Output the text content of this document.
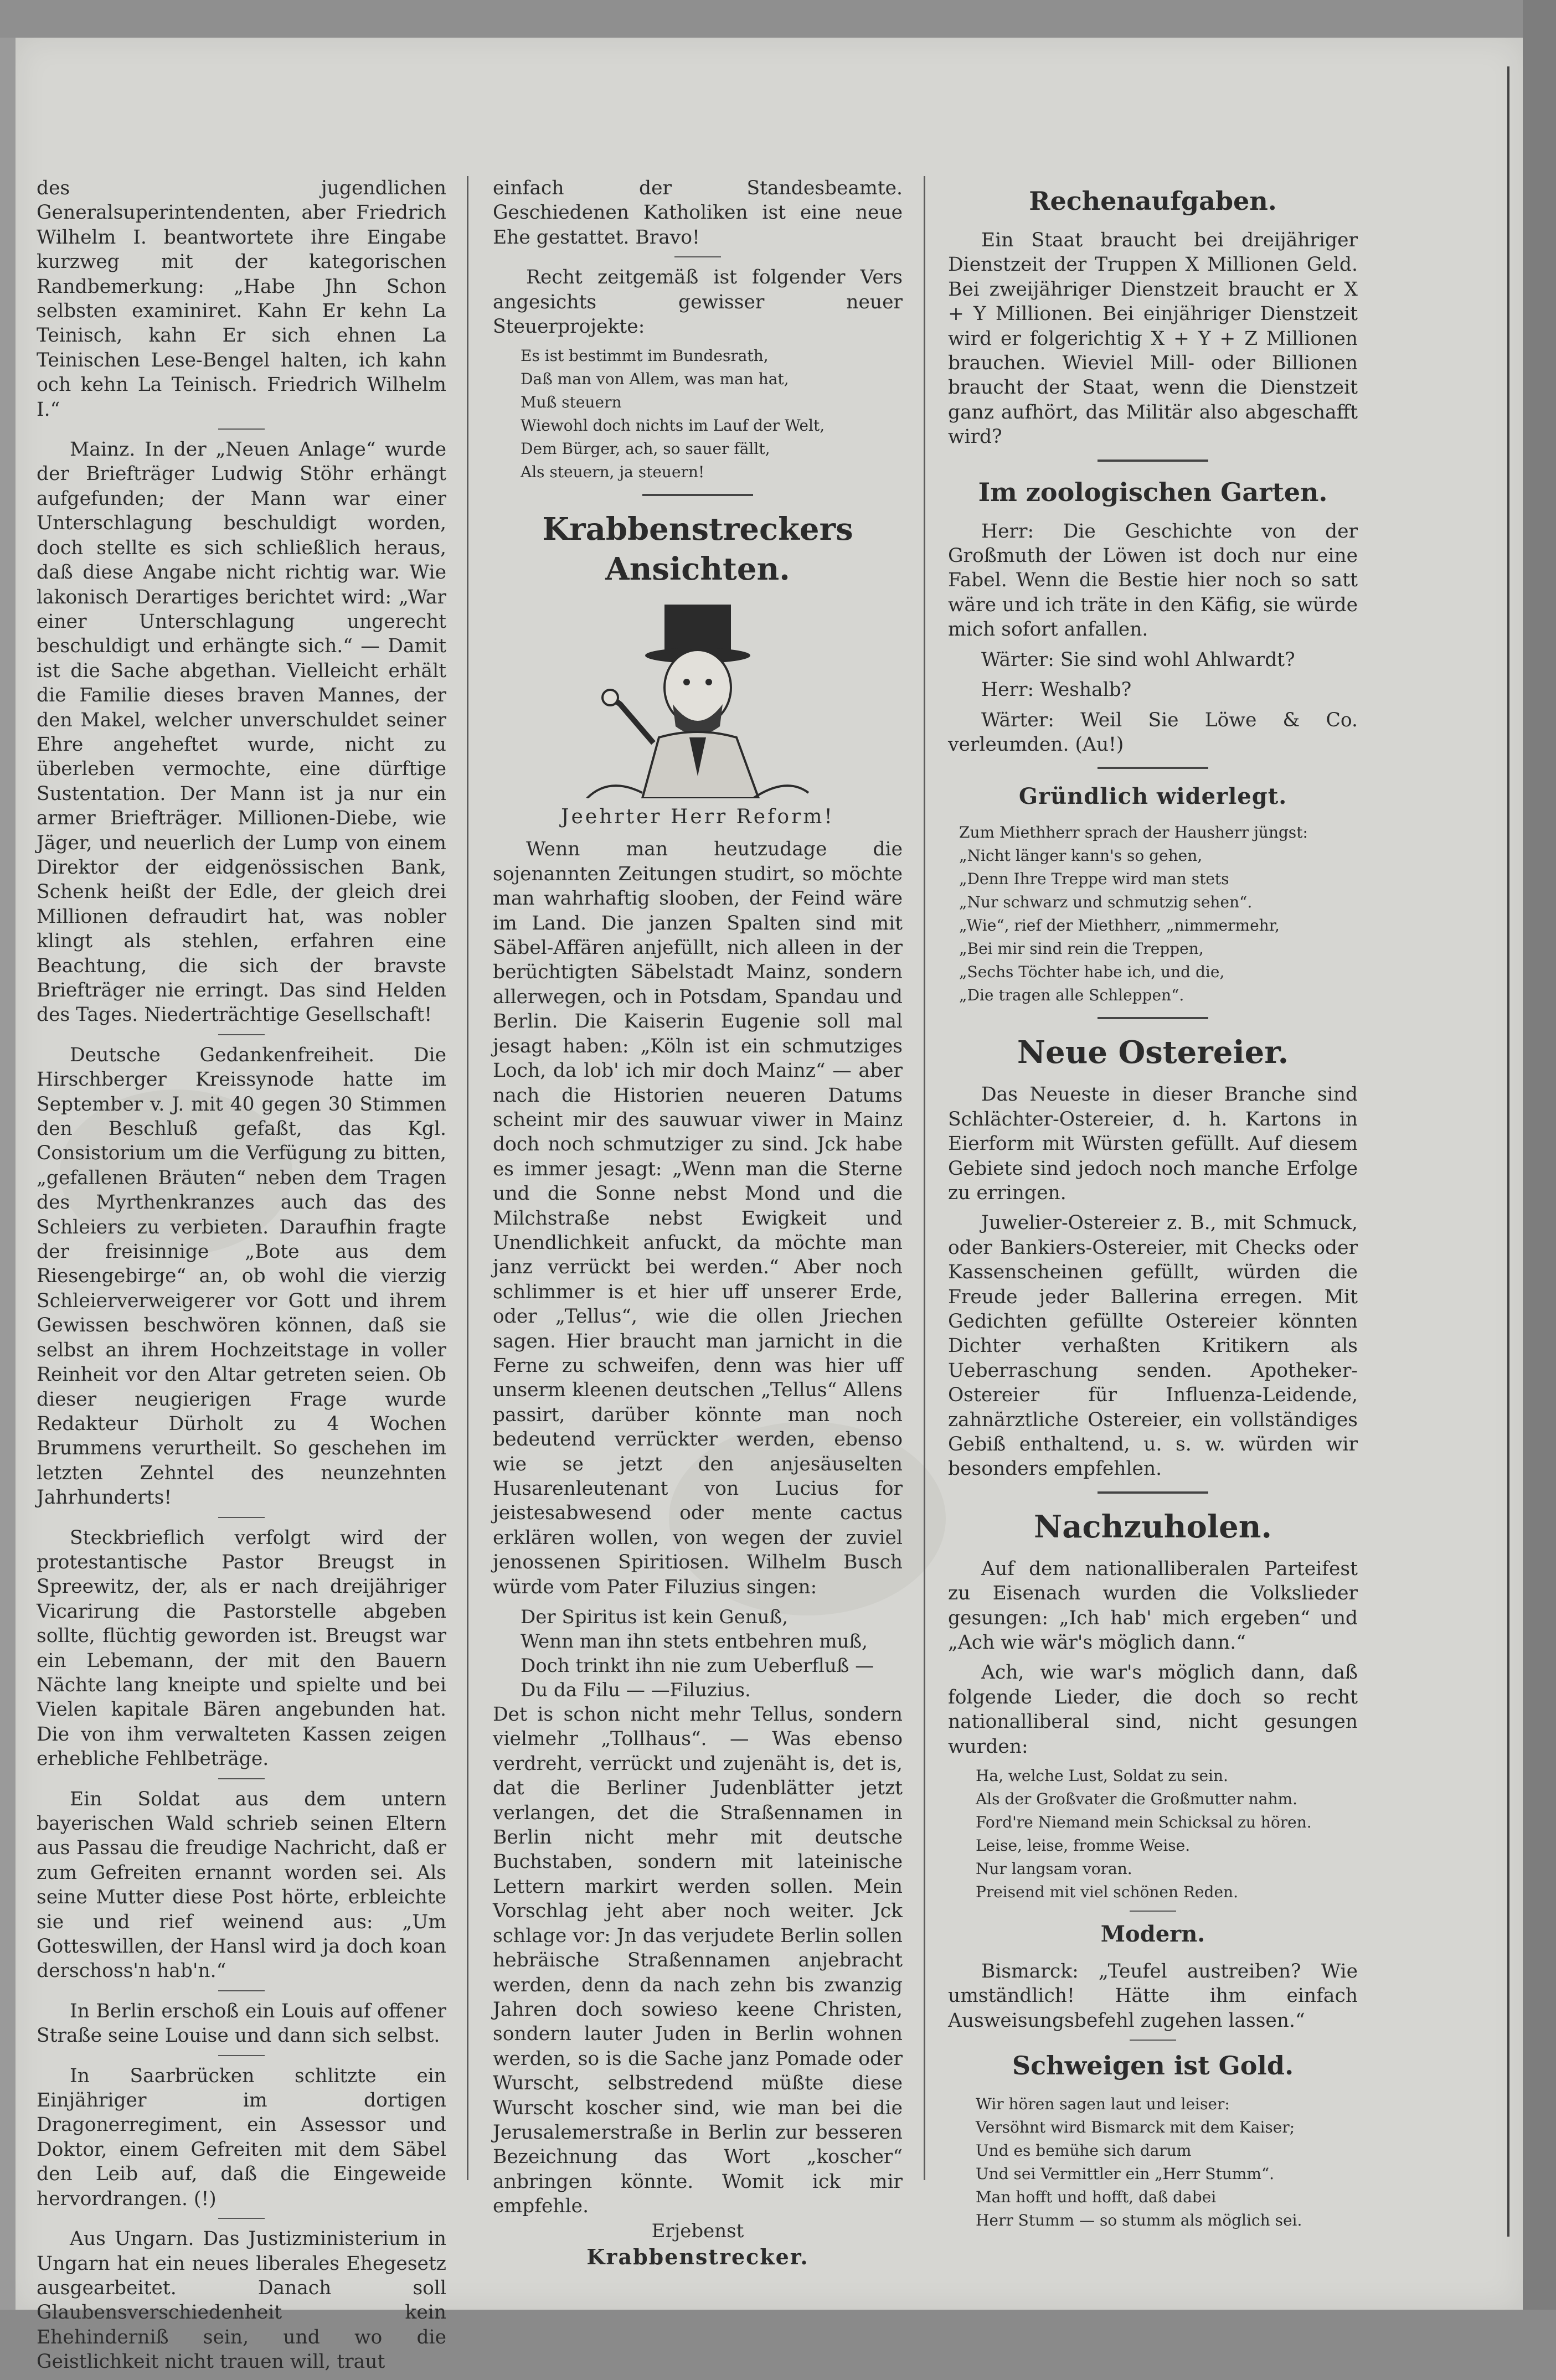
des jugendlichen Generalsuperintendenten, aber Friedrich Wilhelm I. beantwortete ihre Eingabe kurzweg mit der kategorischen Randbemerkung: „Habe Jhn Schon selbsten examiniret. Kahn Er kehn La Teinisch, kahn Er sich ehnen La Teinischen Lese-Bengel halten, ich kahn och kehn La Teinisch. Friedrich Wilhelm I.“

Mainz. In der „Neuen Anlage“ wurde der Briefträger Ludwig Stöhr erhängt aufgefunden; der Mann war einer Unterschlagung beschuldigt worden, doch stellte es sich schließlich heraus, daß diese Angabe nicht richtig war. Wie lakonisch Derartiges berichtet wird: „War einer Unterschlagung ungerecht beschuldigt und erhängte sich.“ — Damit ist die Sache abgethan. Vielleicht erhält die Familie dieses braven Mannes, der den Makel, welcher unverschuldet seiner Ehre angeheftet wurde, nicht zu überleben vermochte, eine dürftige Sustentation. Der Mann ist ja nur ein armer Briefträger. Millionen-Diebe, wie Jäger, und neuerlich der Lump von einem Direktor der eidgenössischen Bank, Schenk heißt der Edle, der gleich drei Millionen defraudirt hat, was nobler klingt als stehlen, erfahren eine Beachtung, die sich der bravste Briefträger nie erringt. Das sind Helden des Tages. Niederträchtige Gesellschaft!

Deutsche Gedankenfreiheit. Die Hirschberger Kreissynode hatte im September v. J. mit 40 gegen 30 Stimmen den Beschluß gefaßt, das Kgl. Consistorium um die Verfügung zu bitten, „gefallenen Bräuten“ neben dem Tragen des Myrthenkranzes auch das des Schleiers zu verbieten. Daraufhin fragte der freisinnige „Bote aus dem Riesengebirge“ an, ob wohl die vierzig Schleierverweigerer vor Gott und ihrem Gewissen beschwören können, daß sie selbst an ihrem Hochzeitstage in voller Reinheit vor den Altar getreten seien. Ob dieser neugierigen Frage wurde Redakteur Dürholt zu 4 Wochen Brummens verurtheilt. So geschehen im letzten Zehntel des neunzehnten Jahrhunderts!

Steckbrieflich verfolgt wird der protestantische Pastor Breugst in Spreewitz, der, als er nach dreijähriger Vicarirung die Pastorstelle abgeben sollte, flüchtig geworden ist. Breugst war ein Lebemann, der mit den Bauern Nächte lang kneipte und spielte und bei Vielen kapitale Bären angebunden hat. Die von ihm verwalteten Kassen zeigen erhebliche Fehlbeträge.

Ein Soldat aus dem untern bayerischen Wald schrieb seinen Eltern aus Passau die freudige Nachricht, daß er zum Gefreiten ernannt worden sei. Als seine Mutter diese Post hörte, erbleichte sie und rief weinend aus: „Um Gotteswillen, der Hansl wird ja doch koan derschoss'n hab'n.“

In Berlin erschoß ein Louis auf offener Straße seine Louise und dann sich selbst.

In Saarbrücken schlitzte ein Einjähriger im dortigen Dragonerregiment, ein Assessor und Doktor, einem Gefreiten mit dem Säbel den Leib auf, daß die Eingeweide hervordrangen. (!)

Aus Ungarn. Das Justizministerium in Ungarn hat ein neues liberales Ehegesetz ausgearbeitet. Danach soll Glaubensverschiedenheit kein Ehehinderniß sein, und wo die Geistlichkeit nicht trauen will, traut

einfach der Standesbeamte. Geschiedenen Katholiken ist eine neue Ehe gestattet. Bravo!

Recht zeitgemäß ist folgender Vers angesichts gewisser neuer Steuerprojekte:

Es ist bestimmt im Bundesrath,
Daß man von Allem, was man hat,
Muß steuern
Wiewohl doch nichts im Lauf der Welt,
Dem Bürger, ach, so sauer fällt,
Als steuern, ja steuern!
Krabbenstreckers Ansichten.
Jeehrter Herr Reform!

Wenn man heutzudage die sojenannten Zeitungen studirt, so möchte man wahrhaftig slooben, der Feind wäre im Land. Die janzen Spalten sind mit Säbel-Affären anjefüllt, nich alleen in der berüchtigten Säbelstadt Mainz, sondern allerwegen, och in Potsdam, Spandau und Berlin. Die Kaiserin Eugenie soll mal jesagt haben: „Köln ist ein schmutziges Loch, da lob' ich mir doch Mainz“ — aber nach die Historien neueren Datums scheint mir des sauwuar viwer in Mainz doch noch schmutziger zu sind. Jck habe es immer jesagt: „Wenn man die Sterne und die Sonne nebst Mond und die Milchstraße nebst Ewigkeit und Unendlichkeit anfuckt, da möchte man janz verrückt bei werden.“ Aber noch schlimmer is et hier uff unserer Erde, oder „Tellus“, wie die ollen Jriechen sagen. Hier braucht man jarnicht in die Ferne zu schweifen, denn was hier uff unserm kleenen deutschen „Tellus“ Allens passirt, darüber könnte man noch bedeutend verrückter werden, ebenso wie se jetzt den anjesäuselten Husarenleutenant von Lucius for jeistesabwesend oder mente cactus erklären wollen, von wegen der zuviel jenossenen Spiritiosen. Wilhelm Busch würde vom Pater Filuzius singen:

Der Spiritus ist kein Genuß,
Wenn man ihn stets entbehren muß,
Doch trinkt ihn nie zum Ueberfluß —
Du da Filu — —Filuzius.

Det is schon nicht mehr Tellus, sondern vielmehr „Tollhaus“. — Was ebenso verdreht, verrückt und zujenäht is, det is, dat die Berliner Judenblätter jetzt verlangen, det die Straßennamen in Berlin nicht mehr mit deutsche Buchstaben, sondern mit lateinische Lettern markirt werden sollen. Mein Vorschlag jeht aber noch weiter. Jck schlage vor: Jn das verjudete Berlin sollen hebräische Straßennamen anjebracht werden, denn da nach zehn bis zwanzig Jahren doch sowieso keene Christen, sondern lauter Juden in Berlin wohnen werden, so is die Sache janz Pomade oder Wurscht, selbstredend müßte diese Wurscht koscher sind, wie man bei die Jerusalemerstraße in Berlin zur besseren Bezeichnung das Wort „koscher“ anbringen könnte. Womit ick mir empfehle.

Erjebenst
Krabbenstrecker.
Rechenaufgaben.

Ein Staat braucht bei dreijähriger Dienstzeit der Truppen X Millionen Geld. Bei zweijähriger Dienstzeit braucht er X + Y Millionen. Bei einjähriger Dienstzeit wird er folgerichtig X + Y + Z Millionen brauchen. Wieviel Mill- oder Billionen braucht der Staat, wenn die Dienstzeit ganz aufhört, das Militär also abgeschafft wird?

Im zoologischen Garten.

Herr: Die Geschichte von der Großmuth der Löwen ist doch nur eine Fabel. Wenn die Bestie hier noch so satt wäre und ich träte in den Käfig, sie würde mich sofort anfallen.

Wärter: Sie sind wohl Ahlwardt?

Herr: Weshalb?

Wärter: Weil Sie Löwe & Co. verleumden. (Au!)

Gründlich widerlegt.
Zum Miethherr sprach der Hausherr jüngst:
„Nicht länger kann's so gehen,
„Denn Ihre Treppe wird man stets
„Nur schwarz und schmutzig sehen“.
„Wie“, rief der Miethherr, „nimmermehr,
„Bei mir sind rein die Treppen,
„Sechs Töchter habe ich, und die,
„Die tragen alle Schleppen“.
Neue Ostereier.

Das Neueste in dieser Branche sind Schlächter-Ostereier, d. h. Kartons in Eierform mit Würsten gefüllt. Auf diesem Gebiete sind jedoch noch manche Erfolge zu erringen.

Juwelier-Ostereier z. B., mit Schmuck, oder Bankiers-Ostereier, mit Checks oder Kassenscheinen gefüllt, würden die Freude jeder Ballerina erregen. Mit Gedichten gefüllte Ostereier könnten Dichter verhaßten Kritikern als Ueberraschung senden. Apotheker-Ostereier für Influenza-Leidende, zahnärztliche Ostereier, ein vollständiges Gebiß enthaltend, u. s. w. würden wir besonders empfehlen.

Nachzuholen.

Auf dem nationalliberalen Parteifest zu Eisenach wurden die Volkslieder gesungen: „Ich hab' mich ergeben“ und „Ach wie wär's möglich dann.“

Ach, wie war's möglich dann, daß folgende Lieder, die doch so recht nationalliberal sind, nicht gesungen wurden:

Ha, welche Lust, Soldat zu sein.
Als der Großvater die Großmutter nahm.
Ford're Niemand mein Schicksal zu hören.
Leise, leise, fromme Weise.
Nur langsam voran.
Preisend mit viel schönen Reden.
Modern.

Bismarck: „Teufel austreiben? Wie umständlich! Hätte ihm einfach Ausweisungsbefehl zugehen lassen.“

Schweigen ist Gold.
Wir hören sagen laut und leiser:
Versöhnt wird Bismarck mit dem Kaiser;
Und es bemühe sich darum
Und sei Vermittler ein „Herr Stumm“.
Man hofft und hofft, daß dabei
Herr Stumm — so stumm als möglich sei.
